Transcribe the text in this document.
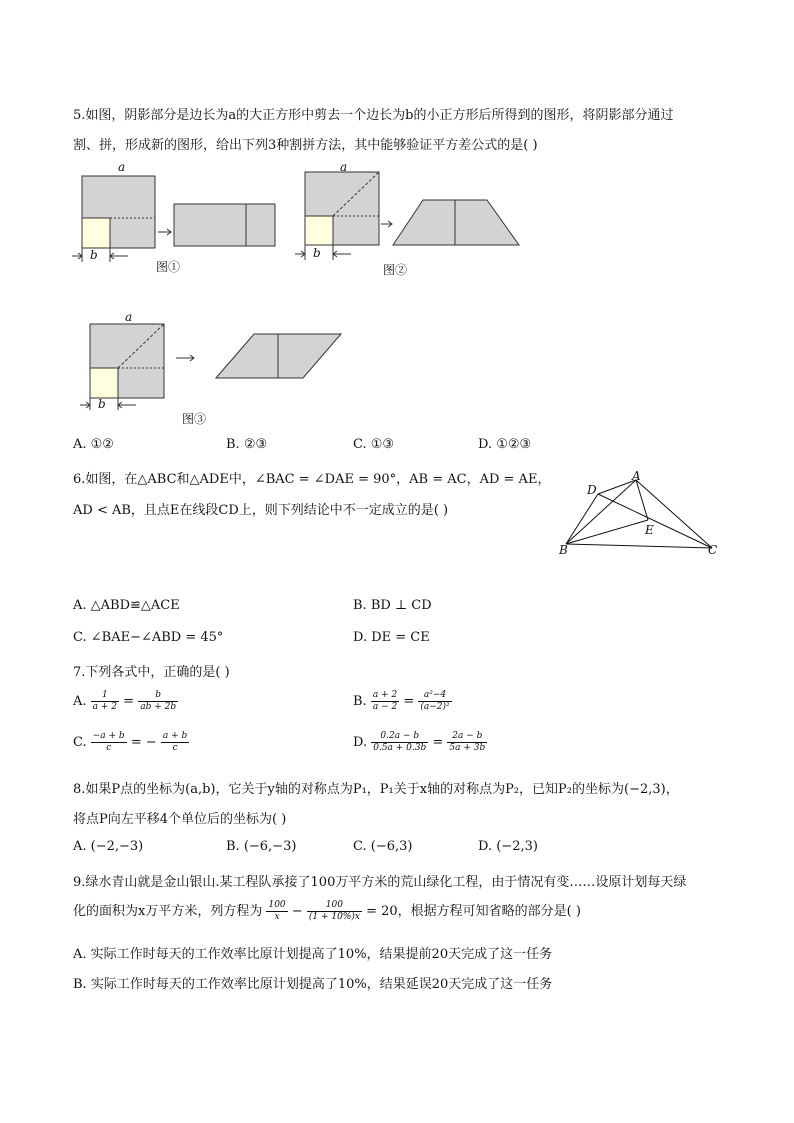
5.如图，阴影部分是边长为a的大正方形中剪去一个边长为b的小正方形后所得到的图形，将阴影部分通过
割、拼，形成新的图形，给出下列3种割拼方法，其中能够验证平方差公式的是( )
a
b
图①
a
b
图②
a
b
图③
A. ①②	B. ②③	C. ①③	D. ①②③
6.如图，在△ABC和△ADE中，∠BAC = ∠DAE = 90°，AB = AC，AD = AE，
AD < AB，且点E在线段CD上，则下列结论中不一定成立的是( )
A
D
E
B	C
A. △ABD≌△ACE	B. BD ⊥ CD
C. ∠BAE−∠ABD = 45°	D. DE = CE
7.下列各式中，正确的是( )
A. $\frac{1}{a + 2} = \frac{b}{ab + 2b}$	B. $\frac{a + 2}{a - 2} = \frac{\text{a²−4}}{\text{(a−2)²}}$
C. $\frac{-a + b}{c}$ = − $\frac{a + b}{c}$	D. $\frac{0.2a - b}{0.5a + 0.3b} = \frac{2a - b}{5a + 3b}$
8.如果P点的坐标为(a,b)，它关于y轴的对称点为P₁，P₁关于x轴的对称点为P₂，已知P₂的坐标为(−2,3)，
将点P向左平移4个单位后的坐标为( )
A. (−2,−3)	B. (−6,−3)	C. (−6,3)	D. (−2,3)
9.绿水青山就是金山银山.某工程队承接了100万平方米的荒山绿化工程，由于情况有变……设原计划每天绿
化的面积为x万平方米，列方程为 $\frac{100}{x} - \frac{100}{(1 + 10\%)x} = 20$，根据方程可知省略的部分是( )
A. 实际工作时每天的工作效率比原计划提高了10%，结果提前20天完成了这一任务
B. 实际工作时每天的工作效率比原计划提高了10%，结果延误20天完成了这一任务
